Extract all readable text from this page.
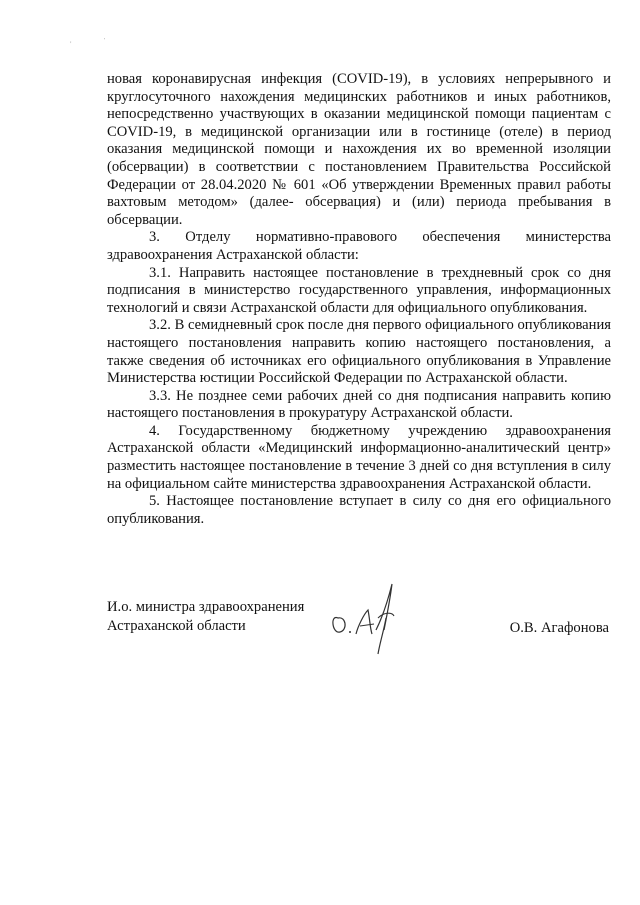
,	'

новая коронавирусная инфекция (COVID-19), в условиях непрерывного и круглосуточного нахождения медицинских работников и иных работников, непосредственно участвующих в оказании медицинской помощи пациентам с COVID-19, в медицинской организации или в гостинице (отеле) в период оказания медицинской помощи и нахождения их во временной изоляции (обсервации) в соответствии с постановлением Правительства Российской Федерации от 28.04.2020 № 601 «Об утверждении Временных правил работы вахтовым методом» (далее- обсервация) и (или) периода пребывания в обсервации.

3. Отделу нормативно-правового обеспечения министерства здравоохранения Астраханской области:

3.1. Направить настоящее постановление в трехдневный срок со дня подписания в министерство государственного управления, информационных технологий и связи Астраханской области для официального опубликования.

3.2. В семидневный срок после дня первого официального опубликования настоящего постановления направить копию настоящего постановления, а также сведения об источниках его официального опубликования в Управление Министерства юстиции Российской Федерации по Астраханской области.

3.3. Не позднее семи рабочих дней со дня подписания направить копию настоящего постановления в прокуратуру Астраханской области.

4. Государственному бюджетному учреждению здравоохранения Астраханской области «Медицинский информационно-аналитический центр» разместить настоящее постановление в течение 3 дней со дня вступления в силу на официальном сайте министерства здравоохранения Астраханской области.

5. Настоящее постановление вступает в силу со дня его официального опубликования.

И.о. министра здравоохранения
Астраханской области	О.В. Агафонова
